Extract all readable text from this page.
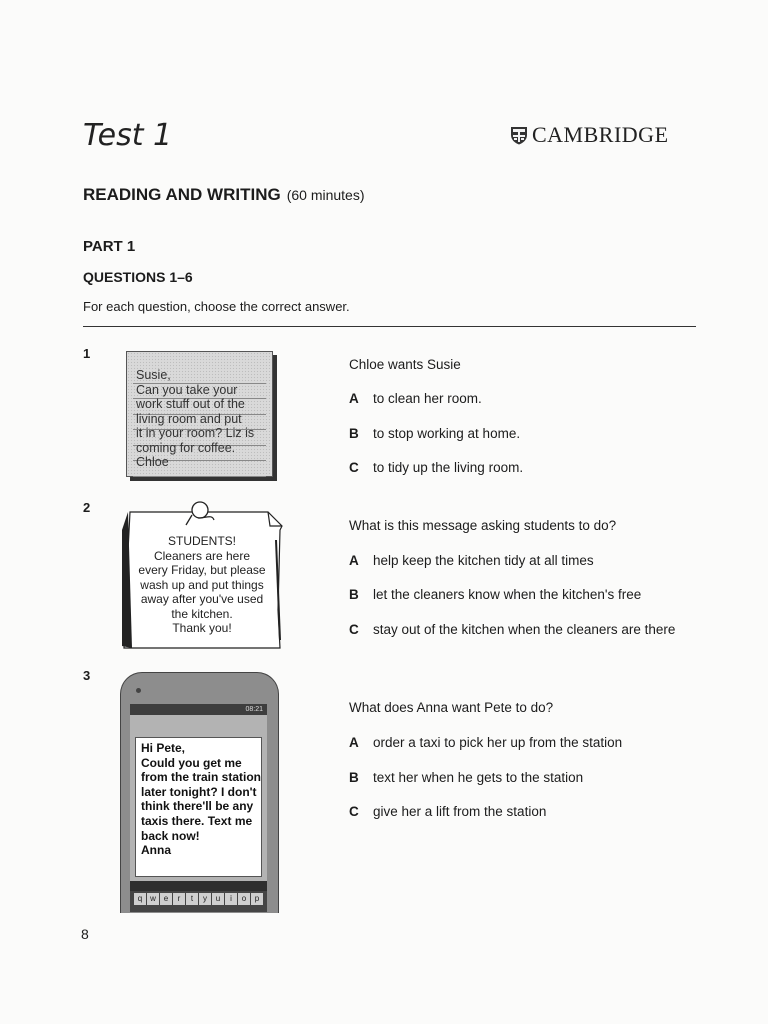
Test 1	CAMBRIDGE
READING AND WRITING (60 minutes)
PART 1
QUESTIONS 1–6
For each question, choose the correct answer.
1
Susie,
Can you take your
work stuff out of the
living room and put
it in your room? Liz is
coming for coffee.
Chloe
Chloe wants Susie
A to clean her room.
B to stop working at home.
C to tidy up the living room.
2
STUDENTS!
Cleaners are here
every Friday, but please
wash up and put things
away after you've used
the kitchen.
Thank you!
What is this message asking students to do?
A help keep the kitchen tidy at all times
B let the cleaners know when the kitchen's free
C stay out of the kitchen when the cleaners are there
3
08:21
Hi Pete,
Could you get me
from the train station
later tonight? I don't
think there'll be any
taxis there. Text me
back now!
Anna
q w e	r	t	y	u	i	o	p
What does Anna want Pete to do?
A order a taxi to pick her up from the station
B text her when he gets to the station
C give her a lift from the station
8
